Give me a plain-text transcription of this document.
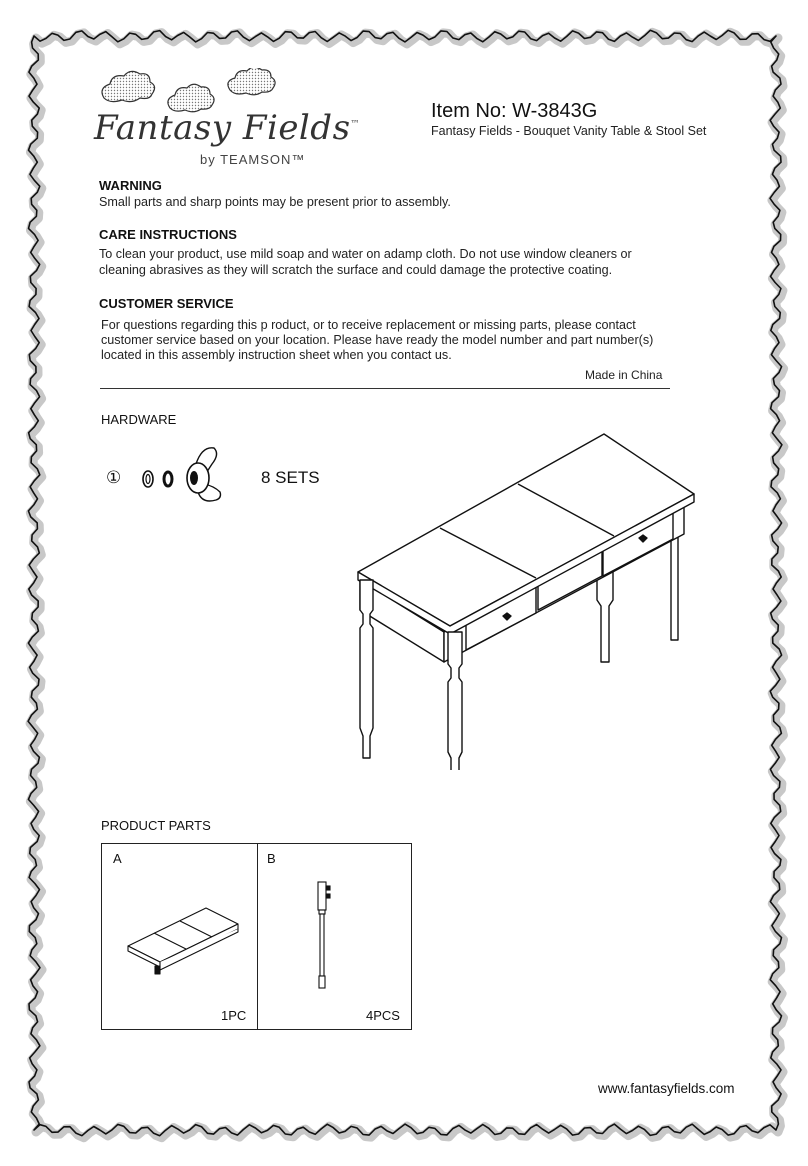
Fantasy Fields™
by TEAMSON™
Item No: W-3843G
Fantasy Fields - Bouquet Vanity Table & Stool Set
WARNING
Small parts and sharp points may be present prior to assembly.
CARE INSTRUCTIONS
To clean your product, use mild soap and water on adamp cloth. Do not use window cleaners or
cleaning abrasives as they will scratch the surface and could damage the protective coating.
CUSTOMER SERVICE
For questions regarding this p roduct, or to receive replacement or missing parts, please contact
customer service based on your location. Please have ready the model number and part number(s)
located in this assembly instruction sheet when you contact us.
Made in China
HARDWARE
①	8 SETS
PRODUCT PARTS
A	B
1PC	4PCS
www.fantasyfields.com
